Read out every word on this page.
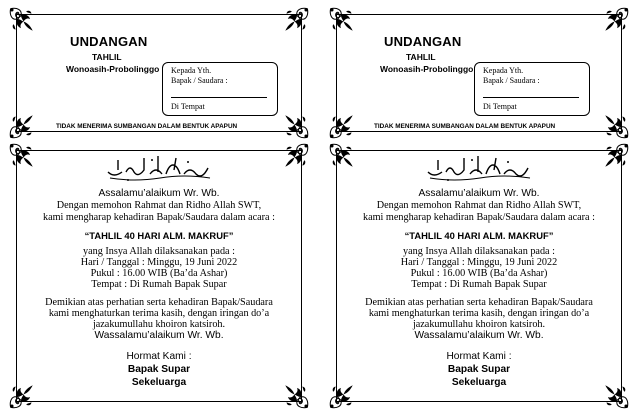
UNDANGAN
TAHLIL
Wonoasih-Probolinggo Kepada Yth.
Bapak / Saudara :
Di Tempat
TIDAK MENERIMA SUMBANGAN DALAM BENTUK APAPUN
Assalamu’alaikum Wr. Wb.
Dengan memohon Rahmat dan Ridho Allah SWT,
kami mengharap kehadiran Bapak/Saudara dalam acara :
“TAHLIL 40 HARI ALM. MAKRUF”
yang Insya Allah dilaksanakan pada :
Hari / Tanggal : Minggu, 19 Juni 2022
Pukul : 16.00 WIB (Ba’da Ashar)
Tempat : Di Rumah Bapak Supar
Demikian atas perhatian serta kehadiran Bapak/Saudara
kami menghaturkan terima kasih, dengan iringan do’a
jazakumullahu khoiron katsiroh.
Wassalamu’alaikum Wr. Wb.
Hormat Kami :
Bapak Supar
Sekeluarga
UNDANGAN
TAHLIL
Wonoasih-Probolinggo Kepada Yth.
Bapak / Saudara :
Di Tempat
TIDAK MENERIMA SUMBANGAN DALAM BENTUK APAPUN
Assalamu’alaikum Wr. Wb.
Dengan memohon Rahmat dan Ridho Allah SWT,
kami mengharap kehadiran Bapak/Saudara dalam acara :
“TAHLIL 40 HARI ALM. MAKRUF”
yang Insya Allah dilaksanakan pada :
Hari / Tanggal : Minggu, 19 Juni 2022
Pukul : 16.00 WIB (Ba’da Ashar)
Tempat : Di Rumah Bapak Supar
Demikian atas perhatian serta kehadiran Bapak/Saudara
kami menghaturkan terima kasih, dengan iringan do’a
jazakumullahu khoiron katsiroh.
Wassalamu’alaikum Wr. Wb.
Hormat Kami :
Bapak Supar
Sekeluarga
